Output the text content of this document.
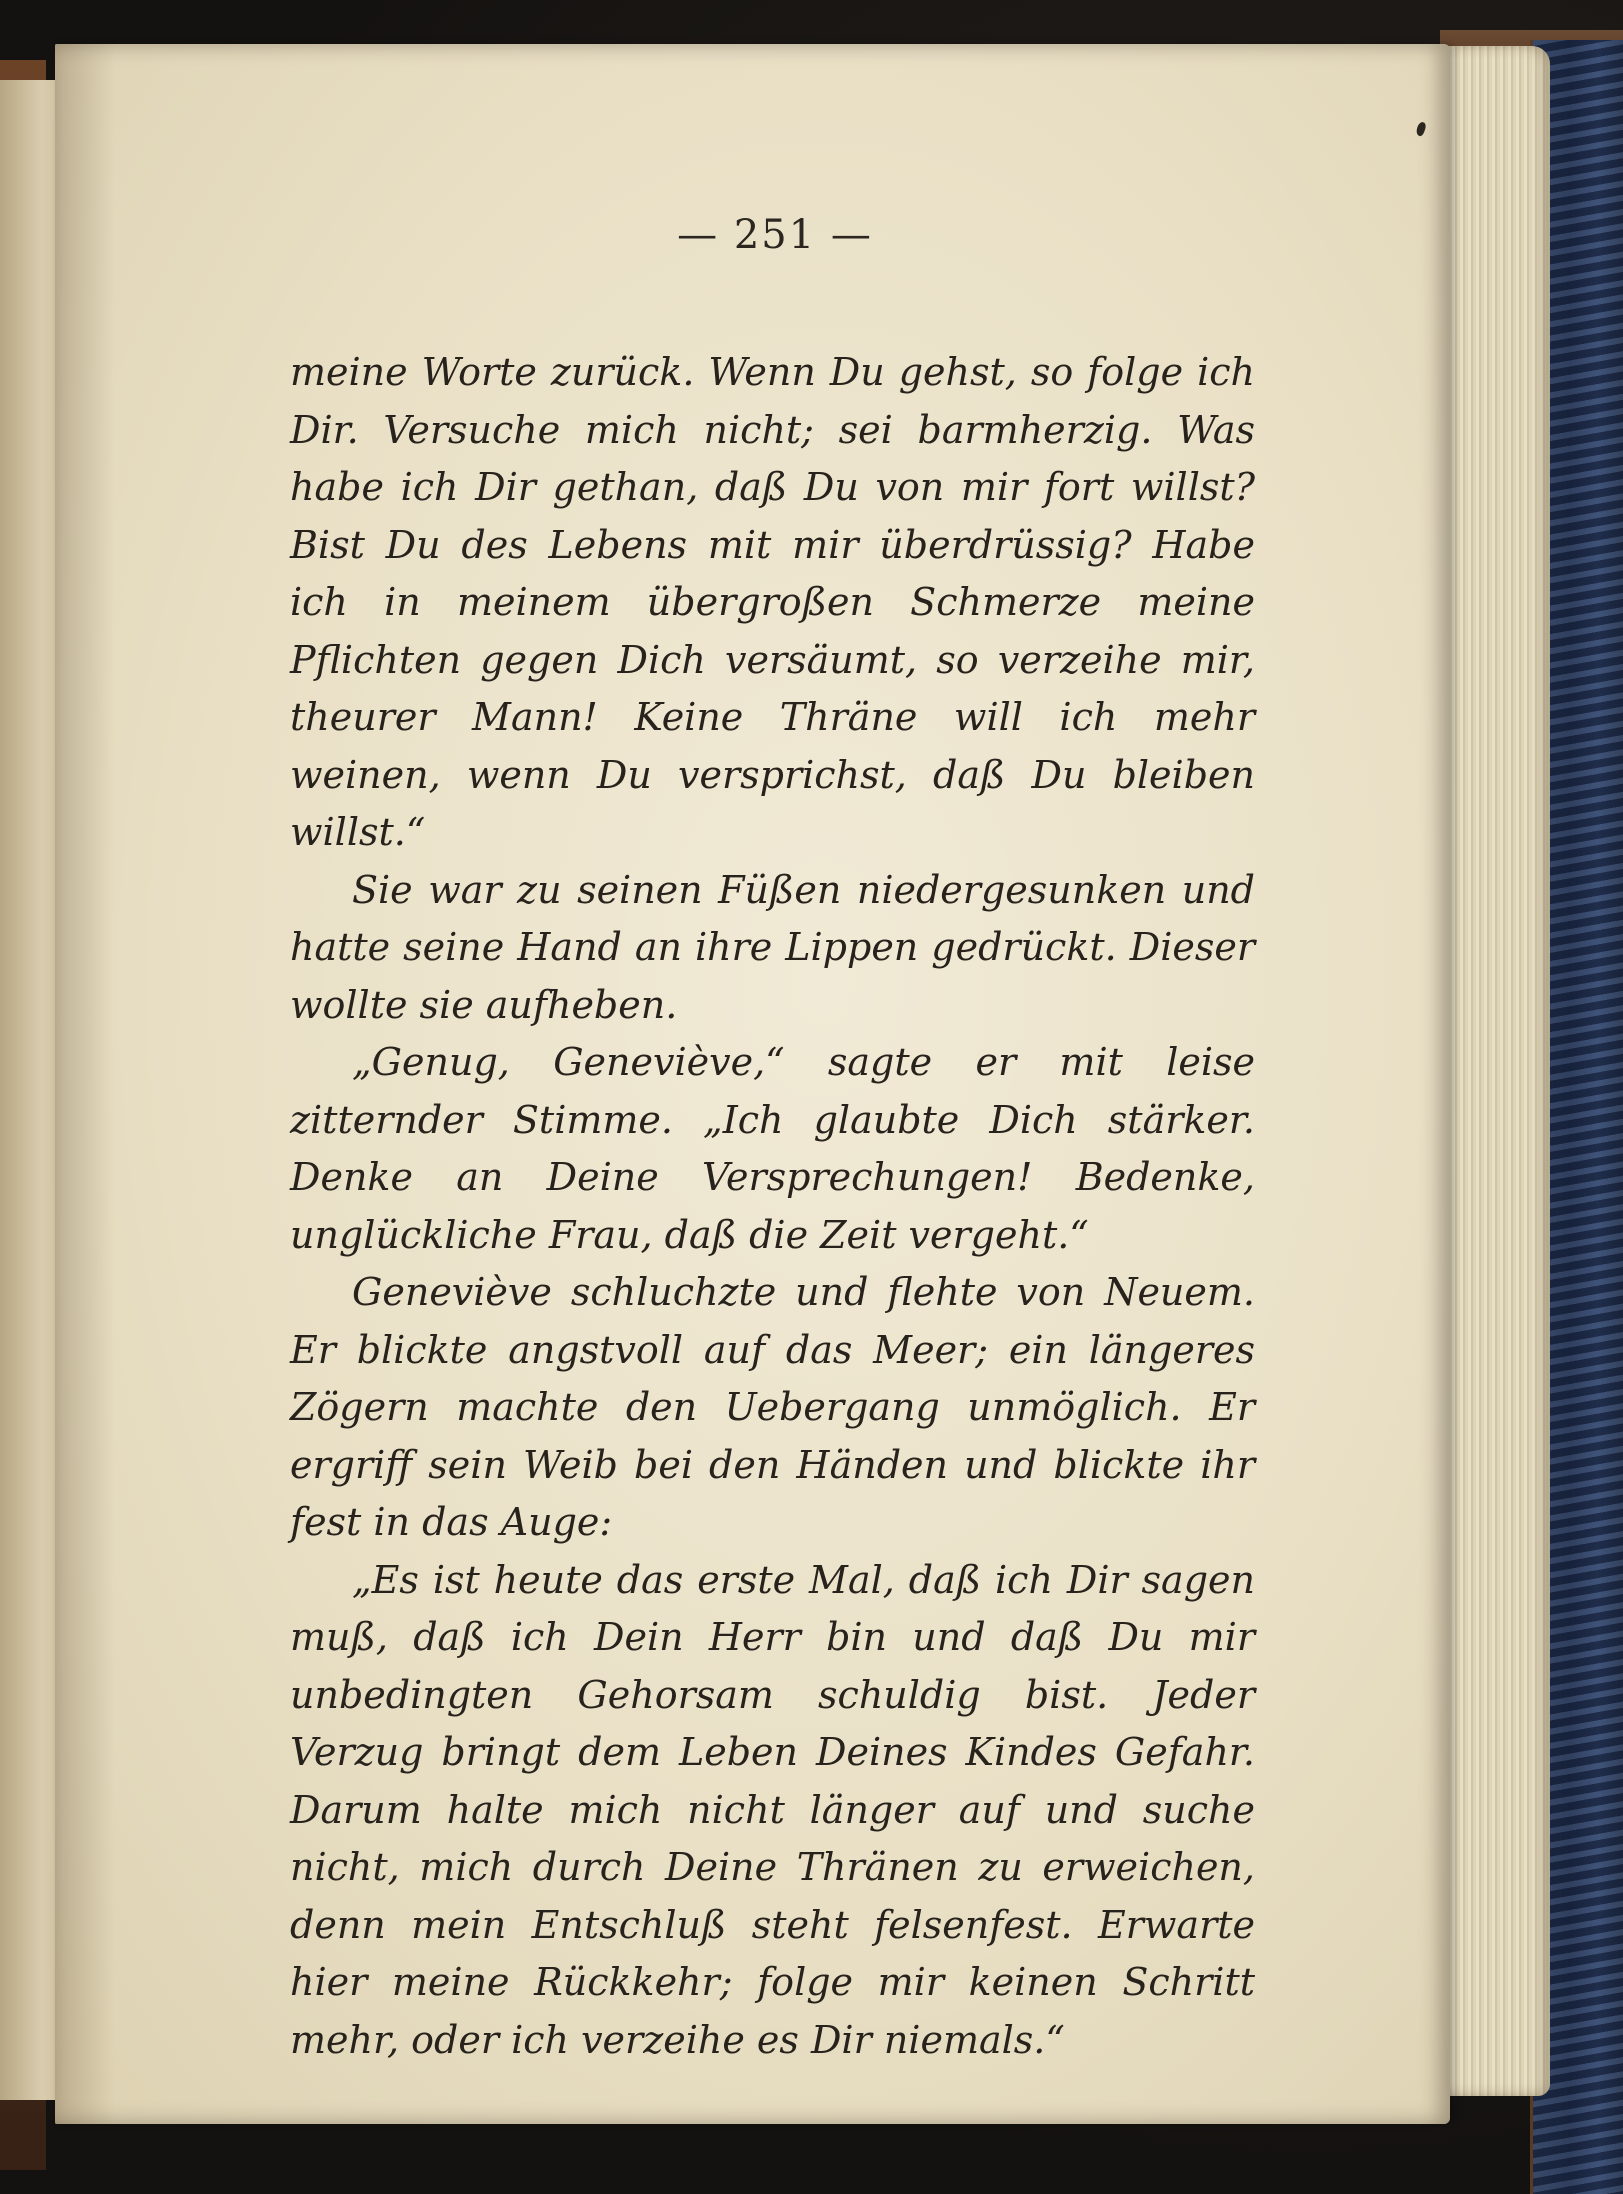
— 251 —

meine Worte zurück. Wenn Du gehst, so folge ich Dir. Versuche mich nicht; sei barmherzig. Was habe ich Dir gethan, daß Du von mir fort willst? Bist Du des Lebens mit mir überdrüssig? Habe ich in meinem übergroßen Schmerze meine Pflichten gegen Dich versäumt, so verzeihe mir, theurer Mann! Keine Thräne will ich mehr weinen, wenn Du versprichst, daß Du bleiben willst.“

Sie war zu seinen Füßen niedergesunken und hatte seine Hand an ihre Lippen gedrückt. Dieser wollte sie aufheben.

„Genug, Geneviève,“ sagte er mit leise zitternder Stimme. „Ich glaubte Dich stärker. Denke an Deine Versprechungen! Bedenke, unglückliche Frau, daß die Zeit vergeht.“

Geneviève schluchzte und flehte von Neuem. Er blickte angstvoll auf das Meer; ein längeres Zögern machte den Uebergang unmöglich. Er ergriff sein Weib bei den Händen und blickte ihr fest in das Auge:

„Es ist heute das erste Mal, daß ich Dir sagen muß, daß ich Dein Herr bin und daß Du mir unbedingten Gehorsam schuldig bist. Jeder Verzug bringt dem Leben Deines Kindes Gefahr. Darum halte mich nicht länger auf und suche nicht, mich durch Deine Thränen zu erweichen, denn mein Entschluß steht felsenfest. Erwarte hier meine Rückkehr; folge mir keinen Schritt mehr, oder ich verzeihe es Dir niemals.“
